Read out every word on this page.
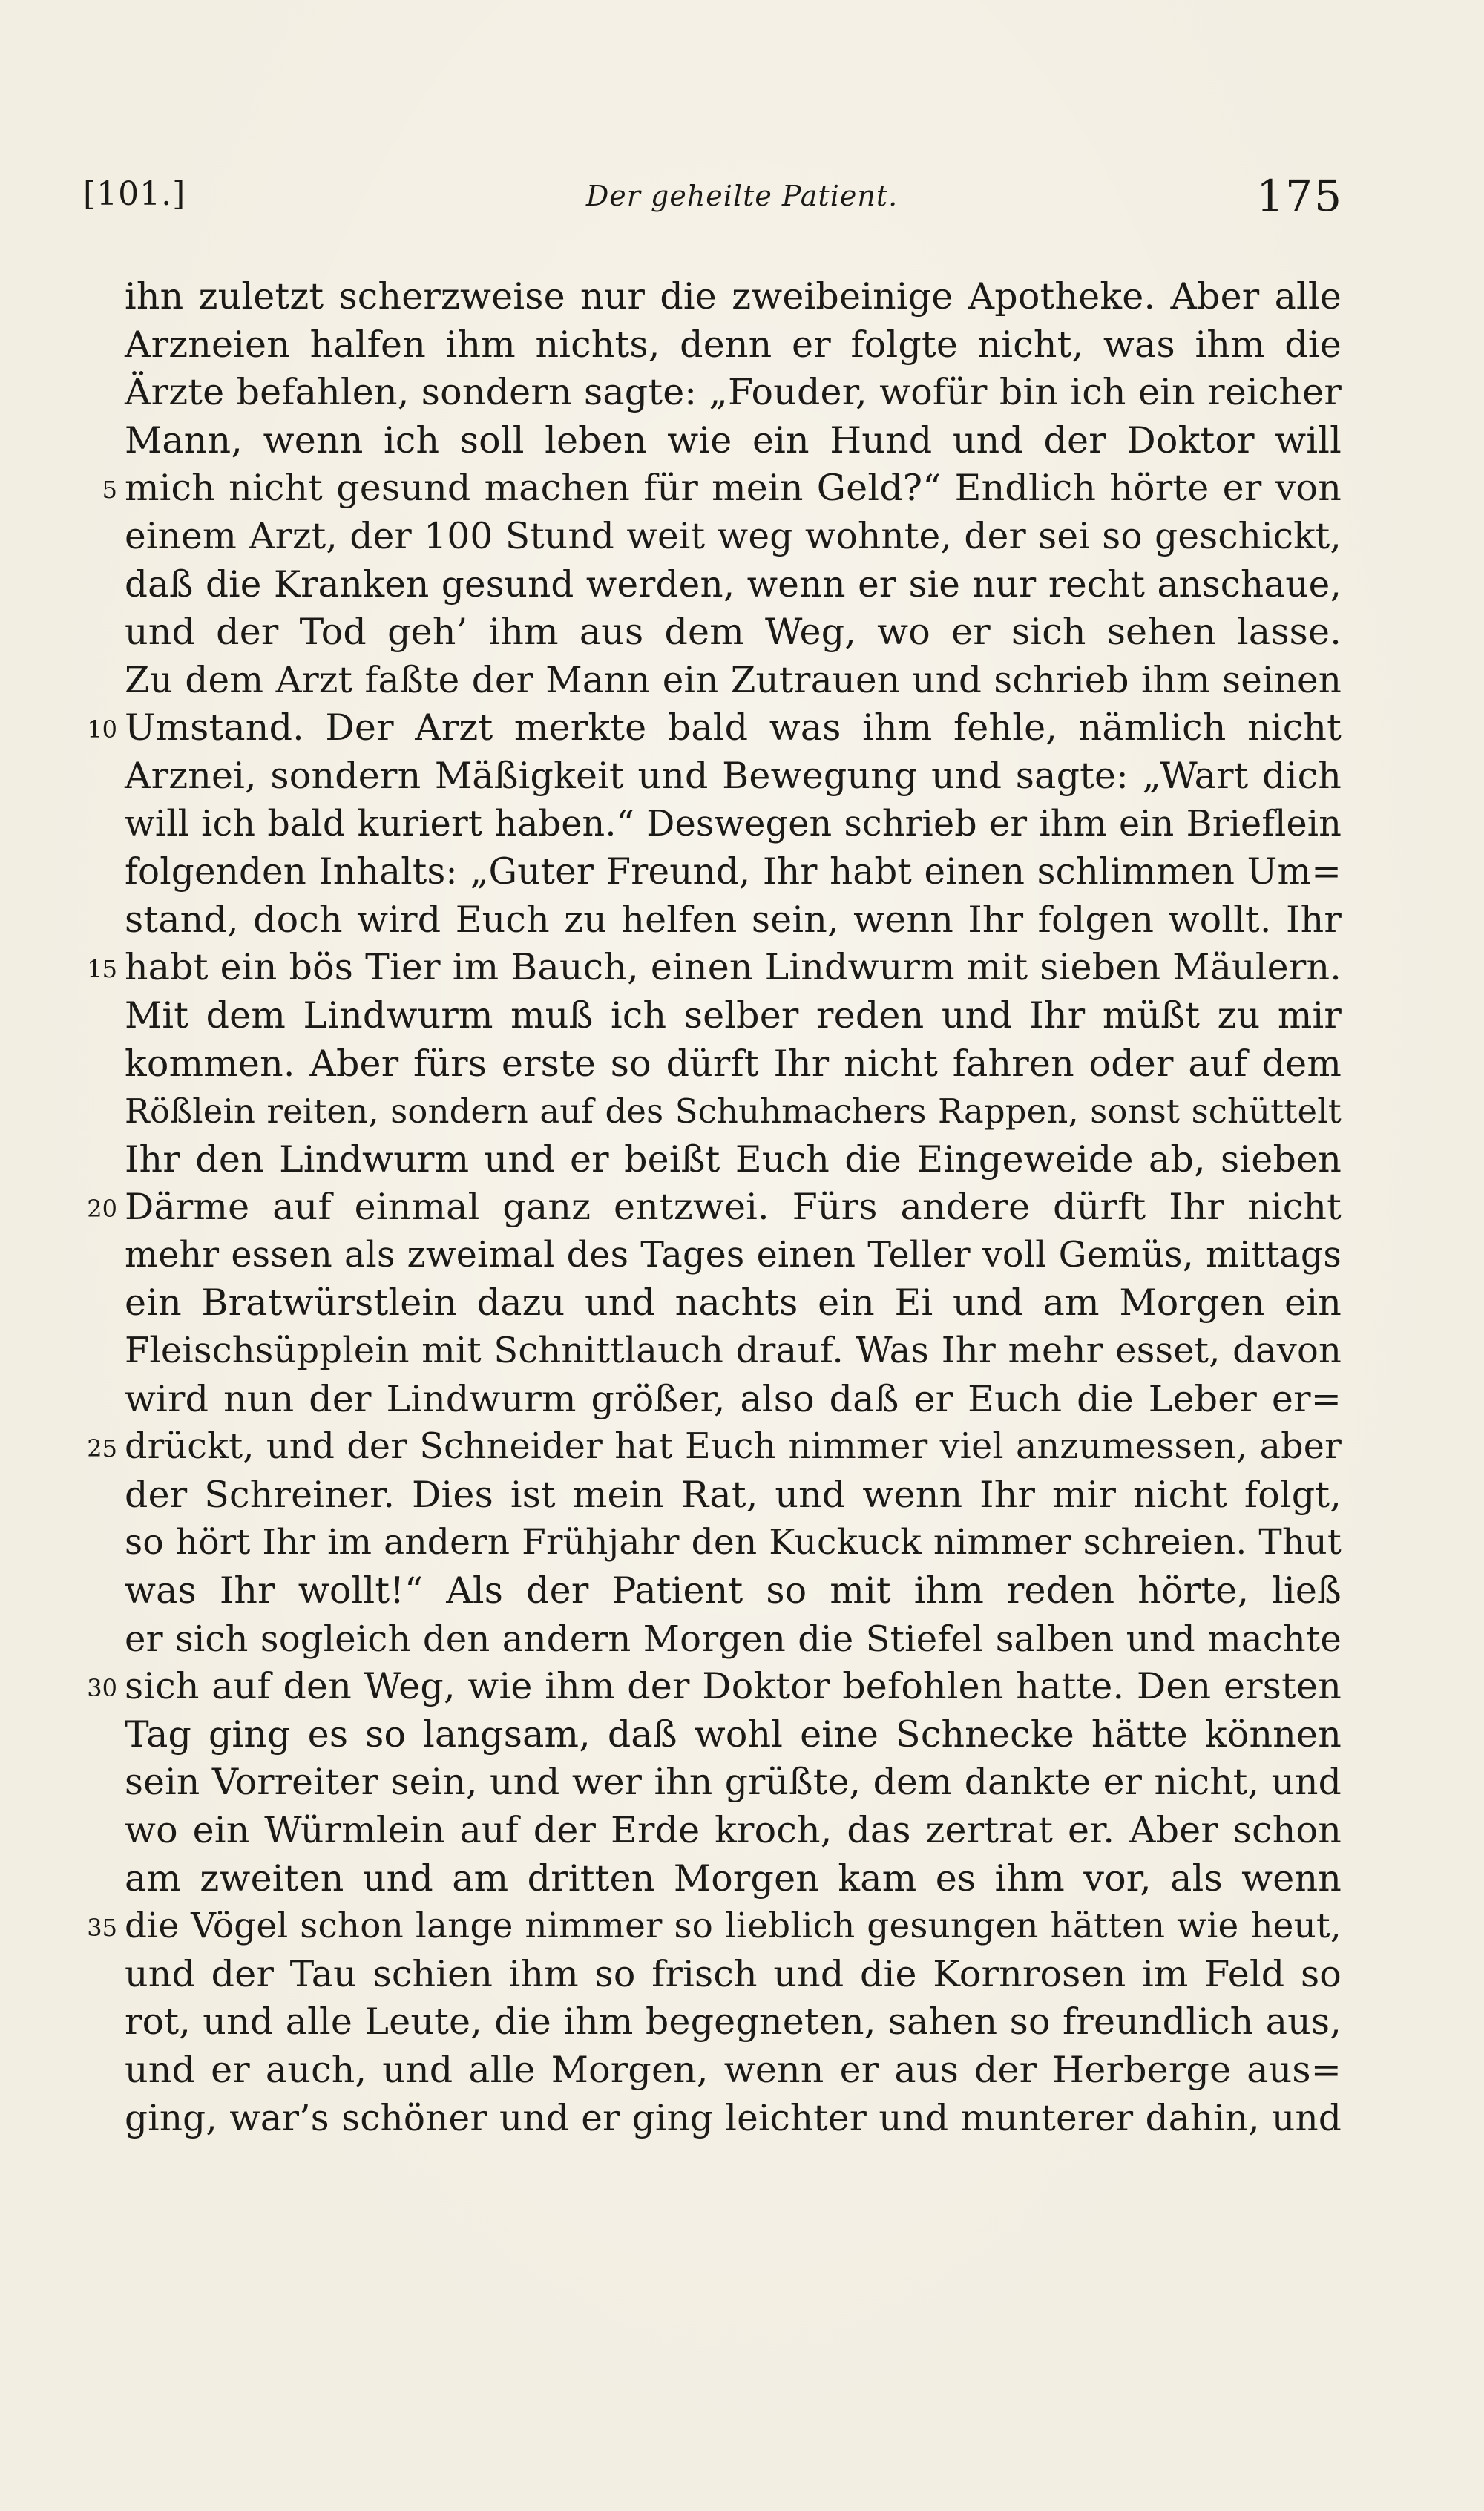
[101.]	Der geheilte Patient.	175
ihn zuletzt scherzweise nur die zweibeinige Apotheke. Aber alle
Arzneien halfen ihm nichts, denn er folgte nicht, was ihm die
Ärzte befahlen, sondern sagte: „Fouder, wofür bin ich ein reicher
Mann, wenn ich soll leben wie ein Hund und der Doktor will
5 mich nicht gesund machen für mein Geld?“ Endlich hörte er von
einem Arzt, der 100 Stund weit weg wohnte, der sei so geschickt,
daß die Kranken gesund werden, wenn er sie nur recht anschaue,
und der Tod geh’ ihm aus dem Weg, wo er sich sehen lasse.
Zu dem Arzt faßte der Mann ein Zutrauen und schrieb ihm seinen
10 Umstand. Der Arzt merkte bald was ihm fehle, nämlich nicht
Arznei, sondern Mäßigkeit und Bewegung und sagte: „Wart dich
will ich bald kuriert haben.“ Deswegen schrieb er ihm ein Brieflein
folgenden Inhalts: „Guter Freund, Ihr habt einen schlimmen Um=
stand, doch wird Euch zu helfen sein, wenn Ihr folgen wollt. Ihr
15 habt ein bös Tier im Bauch, einen Lindwurm mit sieben Mäulern.
Mit dem Lindwurm muß ich selber reden und Ihr müßt zu mir
kommen. Aber fürs erste so dürft Ihr nicht fahren oder auf dem
Rößlein reiten, sondern auf des Schuhmachers Rappen, sonst schüttelt
Ihr den Lindwurm und er beißt Euch die Eingeweide ab, sieben
20 Därme auf einmal ganz entzwei. Fürs andere dürft Ihr nicht
mehr essen als zweimal des Tages einen Teller voll Gemüs, mittags
ein Bratwürstlein dazu und nachts ein Ei und am Morgen ein
Fleischsüpplein mit Schnittlauch drauf. Was Ihr mehr esset, davon
wird nun der Lindwurm größer, also daß er Euch die Leber er=
25 drückt, und der Schneider hat Euch nimmer viel anzumessen, aber
der Schreiner. Dies ist mein Rat, und wenn Ihr mir nicht folgt,
so hört Ihr im andern Frühjahr den Kuckuck nimmer schreien. Thut
was Ihr wollt!“ Als der Patient so mit ihm reden hörte, ließ
er sich sogleich den andern Morgen die Stiefel salben und machte
30 sich auf den Weg, wie ihm der Doktor befohlen hatte. Den ersten
Tag ging es so langsam, daß wohl eine Schnecke hätte können
sein Vorreiter sein, und wer ihn grüßte, dem dankte er nicht, und
wo ein Würmlein auf der Erde kroch, das zertrat er. Aber schon
am zweiten und am dritten Morgen kam es ihm vor, als wenn
35 die Vögel schon lange nimmer so lieblich gesungen hätten wie heut,
und der Tau schien ihm so frisch und die Kornrosen im Feld so
rot, und alle Leute, die ihm begegneten, sahen so freundlich aus,
und er auch, und alle Morgen, wenn er aus der Herberge aus=
ging, war’s schöner und er ging leichter und munterer dahin, und
